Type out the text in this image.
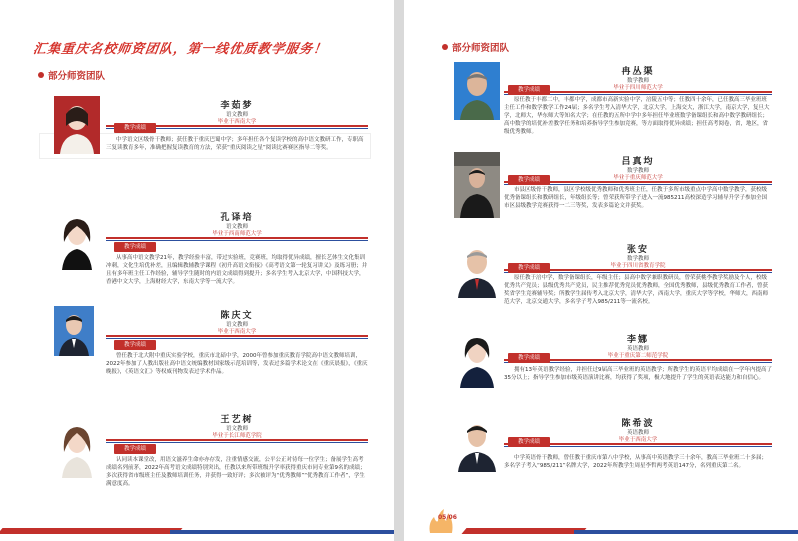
汇集重庆名校师资团队，第一线优质教学服务！
部分师资团队
李茹梦
语文教师
毕业于西南大学
教学成绩
中学语文区级骨干教师；获任教于重庆巴蜀中学；多年担任各个复读学校的高中语文教研工作，专职高三复读教育多年，准确把握复读教育的方法，荣获“重庆阅读之星”阅读比赛赛区指导二等奖。
孔译培
语文教师
毕业于西南师范大学
教学成绩
从事高中语文教学21年，教学经验丰富，带过实验班，竞赛班，均取得优异成绩，擅长艺体生文化集训冲刺，文化生培优补差，且编辑教辅教学课程《初升高语文衔接》《高考语文第一轮复习讲义》及练习册；并且有多年班主任工作经验，辅导学生随时的内语文成绩得到提升；多名学生考入北京大学，中国科技大学，香港中文大学，上海财经大学，东南大学等一流大学。
陈庆文
语文教师
毕业于西南大学
教学成绩
曾任教于北大附中重庆实验学校，重庆市北碚中学，2000年曾参加重庆教育学院高中语文教师培训，2022年参加了人教出版社高中语文统编教材国家级示范培训等，发表过多篇学术论文在《重庆晨报》，《重庆晚报》，《英语文汇》等权威刊物发表过学术作品。
王艺树
语文教师
毕业于长江师范学院
教学成绩
认同读本课堂改，用语文滋养生命亦亦存发，注重情感交流，公平公正对待每一位学生；备展学生高考成绩名列前茅，2022年高考语文成绩特别突出，任教以来所带班级升学率获得重庆市同专业第9名的成绩；多次获得省市级班主任及教师培训任务，并获得一致好评；多次被评为“优秀教师”“优秀教育工作者”，学生满意度高。
部分师资团队
冉丛渠
数学教师
毕业于四川师范大学
教学成绩
原任教于丰都二中，丰都中学，成都市高新实验中学，涪陵五中等；任教四十余年，已任教高三毕业班班主任工作和数学教学工作24届；多名学生考入清华大学，北京大学，上海交大，浙江大学，南京大学，复旦大学，北师大，华东师大等知名大学；在任教的五所中学中多年担任毕业班数学备课组长和高中数学教研组长；高中数学的培优补差教学任务和培养指导学生参加竞赛，等方面取得优异成绩；担任高考阅卷，省，地区，省级优秀教师。
吕真均
数学教师
毕业于重庆师范大学
教学成绩
市县区级骨干教师，县区学校级优秀教师和优秀班主任，任教于多所市级重点中学高中数学教学，获校级优秀备课组长和教研组长，年级组长等；曾荣获所带学子进入一流985211高校深造学习辅导升学子参加全国市区县级教学竞赛获得一二三等奖，发表多篇论文并获奖。
张安
数学教师
毕业于四川省教育学院
教学成绩
原任教于涪中学，数学备课组长，年级主任；县高中数学兼职教研员，曾荣获桃李教学奖励及个人，校级优秀共产党员；县级优秀共产党员，民主推荐优秀党员优秀教师，全国优秀教师，县级优秀教育工作者，曾获奖省学生竞赛辅导奖；所教学生届传考入北京大学，清华大学，西南大学，重庆大学等学校，华师大，西南师范大学，北京交通大学，多名学子考入985/211等一流名校。
李娜
英语教师
毕业于重庆第二师范学院
教学成绩
拥有13年英语教学经验，并担任过9届高三毕业班的英语教学；所教学生的英语平均成绩在一学年内提高了35分以上；指导学生参加市级英语演讲比赛，均获得了奖项，极大地提升了学生的英语表达能力和自信心。
陈希波
英语教师
毕业于西南大学
教学成绩
中学英语骨干教师，曾任教于重庆市第八中学校，从事高中英语教学三十余年，教高三毕业班二十多届；多名学子考入“985/211”名牌大学，2022年所教学生周星李哲两考英语147分，名列重庆第二名。
05/06
